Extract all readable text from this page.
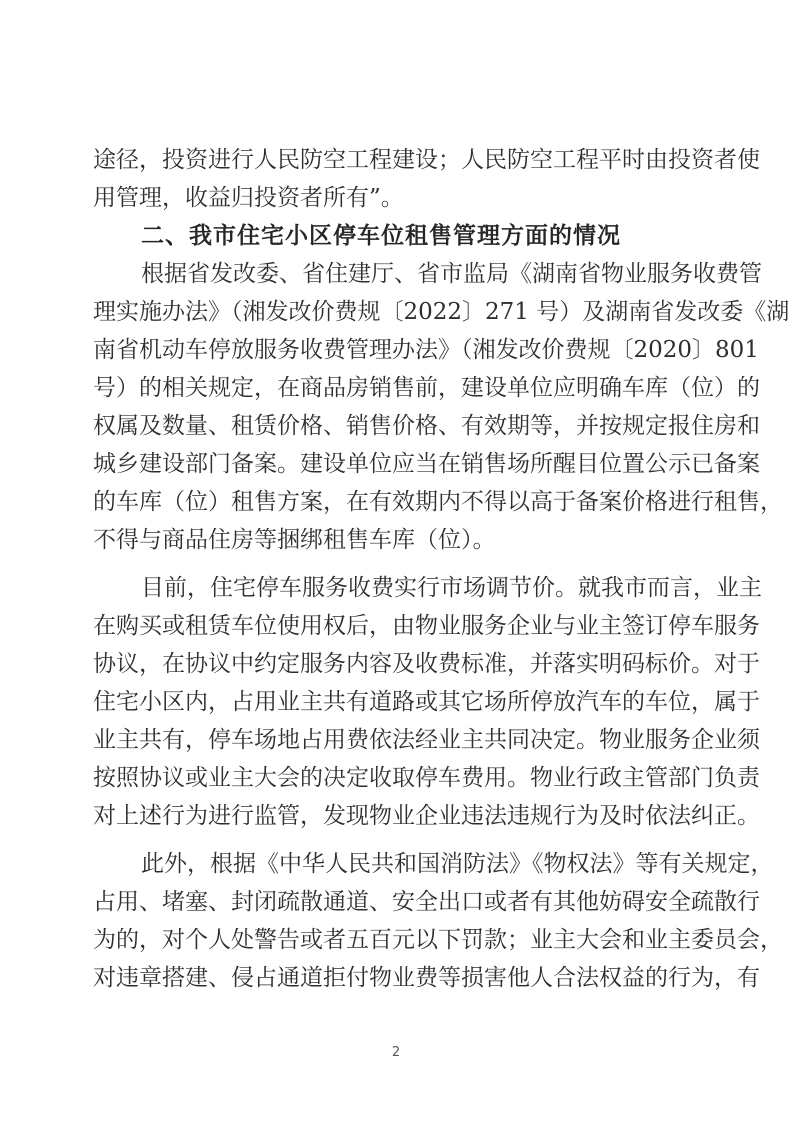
途径，投资进行人民防空工程建设；人民防空工程平时由投资者使
用管理，收益归投资者所有”。
二、我市住宅小区停车位租售管理方面的情况
根据省发改委、省住建厅、省市监局《湖南省物业服务收费管
理实施办法》（湘发改价费规〔2022〕271 号）及湖南省发改委《湖
南省机动车停放服务收费管理办法》（湘发改价费规〔2020〕801
号）的相关规定，在商品房销售前，建设单位应明确车库（位）的
权属及数量、租赁价格、销售价格、有效期等，并按规定报住房和
城乡建设部门备案。建设单位应当在销售场所醒目位置公示已备案
的车库（位）租售方案，在有效期内不得以高于备案价格进行租售，
不得与商品住房等捆绑租售车库（位）。
目前，住宅停车服务收费实行市场调节价。就我市而言，业主
在购买或租赁车位使用权后，由物业服务企业与业主签订停车服务
协议，在协议中约定服务内容及收费标准，并落实明码标价。对于
住宅小区内，占用业主共有道路或其它场所停放汽车的车位，属于
业主共有，停车场地占用费依法经业主共同决定。物业服务企业须
按照协议或业主大会的决定收取停车费用。物业行政主管部门负责
对上述行为进行监管，发现物业企业违法违规行为及时依法纠正。
此外，根据《中华人民共和国消防法》《物权法》等有关规定，
占用、堵塞、封闭疏散通道、安全出口或者有其他妨碍安全疏散行
为的，对个人处警告或者五百元以下罚款；业主大会和业主委员会，
对违章搭建、侵占通道拒付物业费等损害他人合法权益的行为，有
2
